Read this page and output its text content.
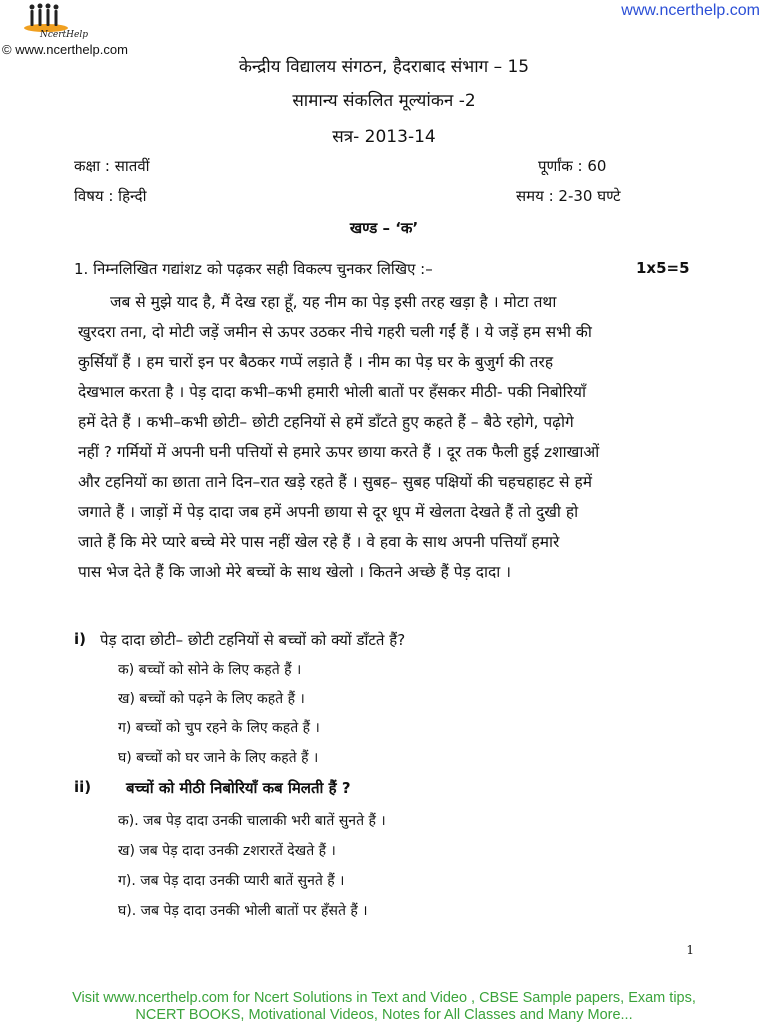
NcertHelp
© www.ncerthelp.com
www.ncerthelp.com
केन्द्रीय विद्यालय संगठन, हैदराबाद संभाग – 15
सामान्य संकलित मूल्यांकन -2
सत्र- 2013-14
कक्षा : सातवीं
विषय : हिन्दी
पूर्णांक : 60
समय : 2-30 घण्टे
खण्ड – ‘क’
1. निम्नलिखित गद्यांशz को पढ़कर सही विकल्प चुनकर लिखिए :–	1x5=5

जब से मुझे याद है, मैं देख रहा हूँ, यह नीम का पेड़ इसी तरह खड़ा है । मोटा तथा

खुरदरा तना, दो मोटी जड़ें जमीन से ऊपर उठकर नीचे गहरी चली गईं हैं । ये जड़ें हम सभी की

कुर्सियाँ हैं । हम चारों इन पर बैठकर गप्पें लड़ाते हैं । नीम का पेड़ घर के बुजुर्ग की तरह

देखभाल करता है । पेड़ दादा कभी–कभी हमारी भोली बातों पर हँसकर मीठी- पकी निबोरियाँ

हमें देते हैं । कभी–कभी छोटी– छोटी टहनियों से हमें डाँटते हुए कहते हैं – बैठे रहोगे, पढ़ोगे

नहीं ? गर्मियों में अपनी घनी पत्तियों से हमारे ऊपर छाया करते हैं । दूर तक फैली हुई zशाखाओं

और टहनियों का छाता ताने दिन–रात खड़े रहते हैं । सुबह– सुबह पक्षियों की चहचहाहट से हमें

जगाते हैं । जाड़ों में पेड़ दादा जब हमें अपनी छाया से दूर धूप में खेलता देखते हैं तो दुखी हो

जाते हैं कि मेरे प्यारे बच्चे मेरे पास नहीं खेल रहे हैं । वे हवा के साथ अपनी पत्तियाँ हमारे

पास भेज देते हैं कि जाओ मेरे बच्चों के साथ खेलो । कितने अच्छे हैं पेड़ दादा ।

i) पेड़ दादा छोटी– छोटी टहनियों से बच्चों को क्यों डाँटते हैं?
क) बच्चों को सोने के लिए कहते हैं ।
ख) बच्चों को पढ़ने के लिए कहते हैं ।
ग) बच्चों को चुप रहने के लिए कहते हैं ।
घ) बच्चों को घर जाने के लिए कहते हैं ।
ii) बच्चों को मीठी निबोरियाँ कब मिलती हैं ?
क). जब पेड़ दादा उनकी चालाकी भरी बातें सुनते हैं ।
ख) जब पेड़ दादा उनकी zशरारतें देखते हैं ।
ग). जब पेड़ दादा उनकी प्यारी बातें सुनते हैं ।
घ). जब पेड़ दादा उनकी भोली बातों पर हँसते हैं ।
1
Visit www.ncerthelp.com for Ncert Solutions in Text and Video , CBSE Sample papers, Exam tips,
NCERT BOOKS, Motivational Videos, Notes for All Classes and Many More...
